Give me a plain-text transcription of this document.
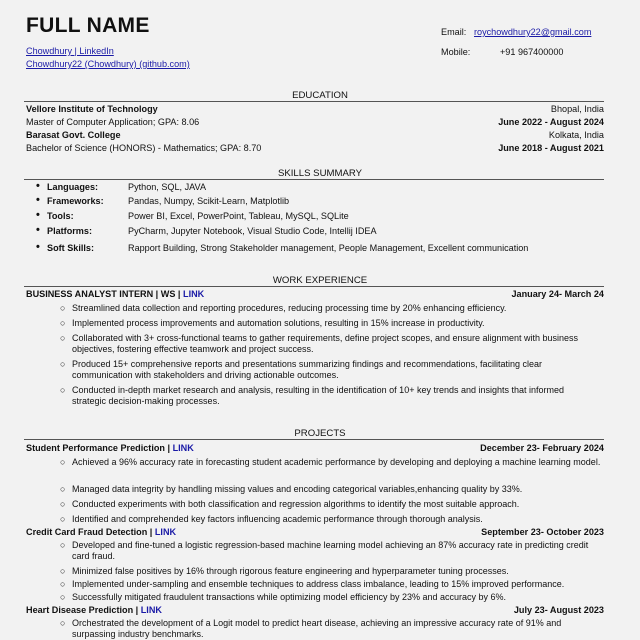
FULL NAME
Chowdhury | LinkedIn
Chowdhury22 (Chowdhury) (github.com)
Email: roychowdhury22@gmail.com
Mobile:	+91 967400000
EDUCATION
Vellore Institute of Technology	Bhopal, India
Master of Computer Application; GPA: 8.06	June 2022 - August 2024
Barasat Govt. College	Kolkata, India
Bachelor of Science (HONORS) - Mathematics; GPA: 8.70	June 2018 - August 2021
SKILLS SUMMARY
• Languages:	Python, SQL, JAVA
• Frameworks:	Pandas, Numpy, Scikit-Learn, Matplotlib
• Tools:	Power BI, Excel, PowerPoint, Tableau, MySQL, SQLite
• Platforms:	PyCharm, Jupyter Notebook, Visual Studio Code, Intellij IDEA
• Soft Skills:	Rapport Building, Strong Stakeholder management, People Management, Excellent communication
WORK EXPERIENCE
BUSINESS ANALYST INTERN | WS | LINK	January 24- March 24
○ Streamlined data collection and reporting procedures, reducing processing time by 20% enhancing efficiency.
○ Implemented process improvements and automation solutions, resulting in 15% increase in productivity.
○ Collaborated with 3+ cross-functional teams to gather requirements, define project scopes, and ensure alignment with business objectives, fostering effective teamwork and project success.
○ Produced 15+ comprehensive reports and presentations summarizing findings and recommendations, facilitating clear communication with stakeholders and driving actionable outcomes.
○ Conducted in-depth market research and analysis, resulting in the identification of 10+ key trends and insights that informed strategic decision-making processes.
PROJECTS
Student Performance Prediction | LINK	December 23- February 2024
○ Achieved a 96% accuracy rate in forecasting student academic performance by developing and deploying a machine learning model.
○ Managed data integrity by handling missing values and encoding categorical variables,enhancing quality by 33%.
○ Conducted experiments with both classification and regression algorithms to identify the most suitable approach.
○ Identified and comprehended key factors influencing academic performance through thorough analysis.
Credit Card Fraud Detection | LINK	September 23- October 2023
○ Developed and fine-tuned a logistic regression-based machine learning model achieving an 87% accuracy rate in predicting credit card fraud.
○ Minimized false positives by 16% through rigorous feature engineering and hyperparameter tuning processes.
○ Implemented under-sampling and ensemble techniques to address class imbalance, leading to 15% improved performance.
○ Successfully mitigated fraudulent transactions while optimizing model efficiency by 23% and accuracy by 6%.
Heart Disease Prediction | LINK	July 23- August 2023
○ Orchestrated the development of a Logit model to predict heart disease, achieving an impressive accuracy rate of 91% and surpassing industry benchmarks.
